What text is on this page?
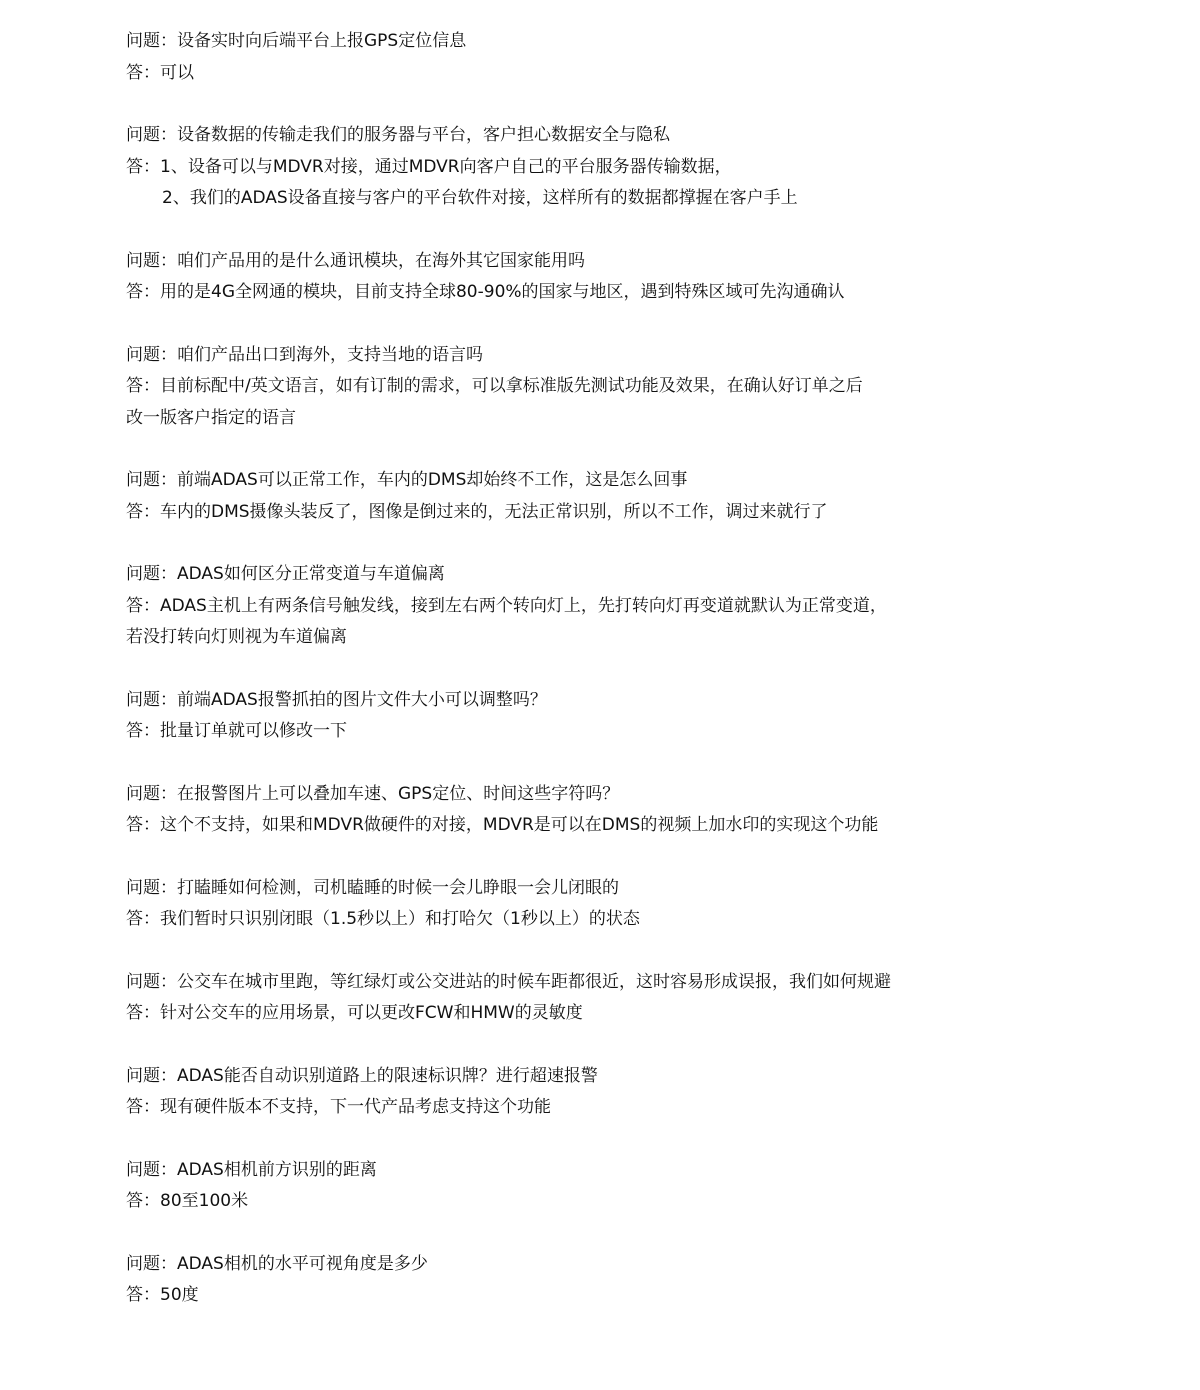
问题：设备实时向后端平台上报GPS定位信息
答：可以
问题：设备数据的传输走我们的服务器与平台，客户担心数据安全与隐私
答：1、设备可以与MDVR对接，通过MDVR向客户自己的平台服务器传输数据，
2、我们的ADAS设备直接与客户的平台软件对接，这样所有的数据都撑握在客户手上
问题：咱们产品用的是什么通讯模块，在海外其它国家能用吗
答：用的是4G全网通的模块，目前支持全球80-90%的国家与地区，遇到特殊区域可先沟通确认
问题：咱们产品出口到海外，支持当地的语言吗
答：目前标配中/英文语言，如有订制的需求，可以拿标准版先测试功能及效果，在确认好订单之后
改一版客户指定的语言
问题：前端ADAS可以正常工作，车内的DMS却始终不工作，这是怎么回事
答：车内的DMS摄像头装反了，图像是倒过来的，无法正常识别，所以不工作，调过来就行了
问题：ADAS如何区分正常变道与车道偏离
答：ADAS主机上有两条信号触发线，接到左右两个转向灯上，先打转向灯再变道就默认为正常变道，
若没打转向灯则视为车道偏离
问题：前端ADAS报警抓拍的图片文件大小可以调整吗？
答：批量订单就可以修改一下
问题：在报警图片上可以叠加车速、GPS定位、时间这些字符吗？
答：这个不支持，如果和MDVR做硬件的对接，MDVR是可以在DMS的视频上加水印的实现这个功能
问题：打瞌睡如何检测，司机瞌睡的时候一会儿睁眼一会儿闭眼的
答：我们暂时只识别闭眼（1.5秒以上）和打哈欠（1秒以上）的状态
问题：公交车在城市里跑，等红绿灯或公交进站的时候车距都很近，这时容易形成误报，我们如何规避
答：针对公交车的应用场景，可以更改FCW和HMW的灵敏度
问题：ADAS能否自动识别道路上的限速标识牌？进行超速报警
答：现有硬件版本不支持，下一代产品考虑支持这个功能
问题：ADAS相机前方识别的距离
答：80至100米
问题：ADAS相机的水平可视角度是多少
答：50度
